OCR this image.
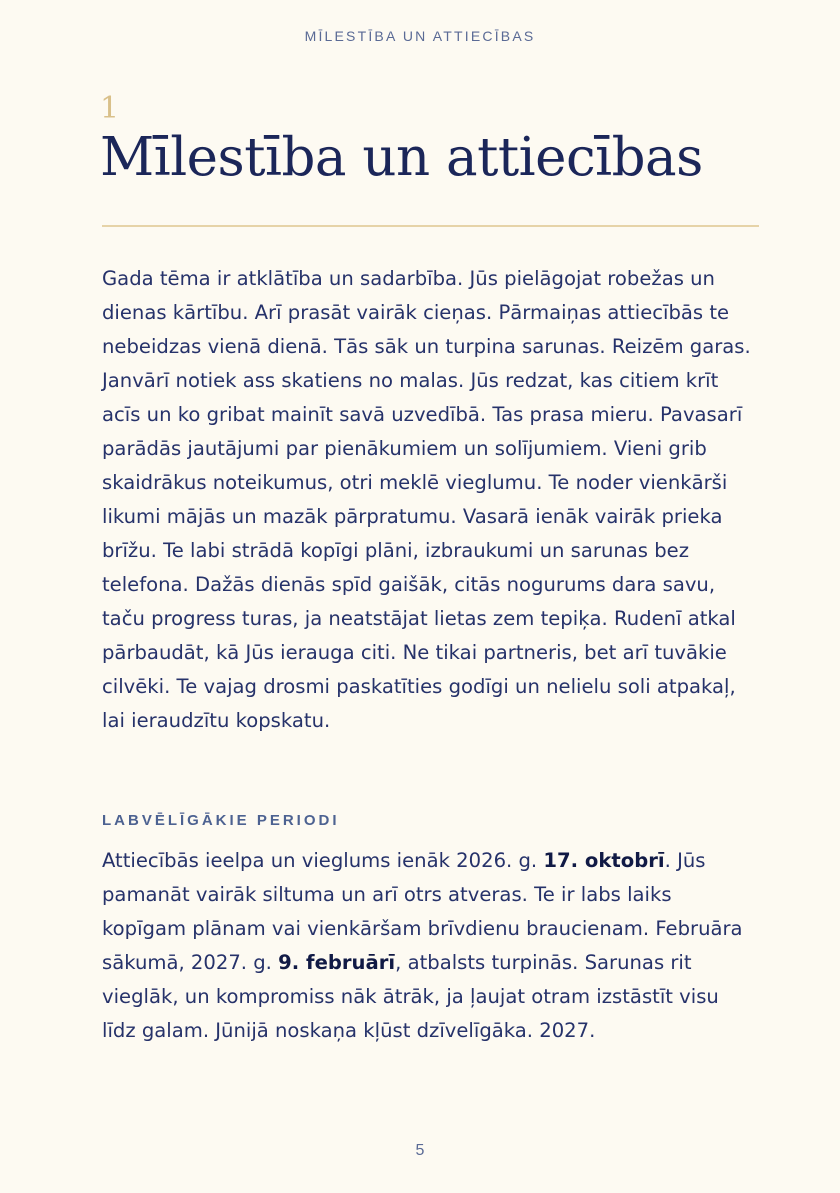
MĪLESTĪBA UN ATTIECĪBAS
1
Mīlestība un attiecības

Gada tēma ir atklātība un sadarbība. Jūs pielāgojat robežas un dienas kārtību. Arī prasāt vairāk cieņas. Pārmaiņas attiecībās te nebeidzas vienā dienā. Tās sāk un turpina sarunas. Reizēm garas. Janvārī notiek ass skatiens no malas. Jūs redzat, kas citiem krīt acīs un ko gribat mainīt savā uzvedībā. Tas prasa mieru. Pavasarī parādās jautājumi par pienākumiem un solījumiem. Vieni grib skaidrākus noteikumus, otri meklē vieglumu. Te noder vienkārši likumi mājās un mazāk pārpratumu. Vasarā ienāk vairāk prieka brīžu. Te labi strādā kopīgi plāni, izbraukumi un sarunas bez telefona. Dažās dienās spīd gaišāk, citās nogurums dara savu, taču progress turas, ja neatstājat lietas zem tepiķa. Rudenī atkal pārbaudāt, kā Jūs ierauga citi. Ne tikai partneris, bet arī tuvākie cilvēki. Te vajag drosmi paskatīties godīgi un nelielu soli atpakaļ, lai ieraudzītu kopskatu.

LABVĒLĪGĀKIE PERIODI

Attiecībās ieelpa un vieglums ienāk 2026. g. 17. oktobrī. Jūs pamanāt vairāk siltuma un arī otrs atveras. Te ir labs laiks kopīgam plānam vai vienkāršam brīvdienu braucienam. Februāra sākumā, 2027. g. 9. februārī, atbalsts turpinās. Sarunas rit vieglāk, un kompromiss nāk ātrāk, ja ļaujat otram izstāstīt visu līdz galam. Jūnijā noskaņa kļūst dzīvelīgāka. 2027.

5
